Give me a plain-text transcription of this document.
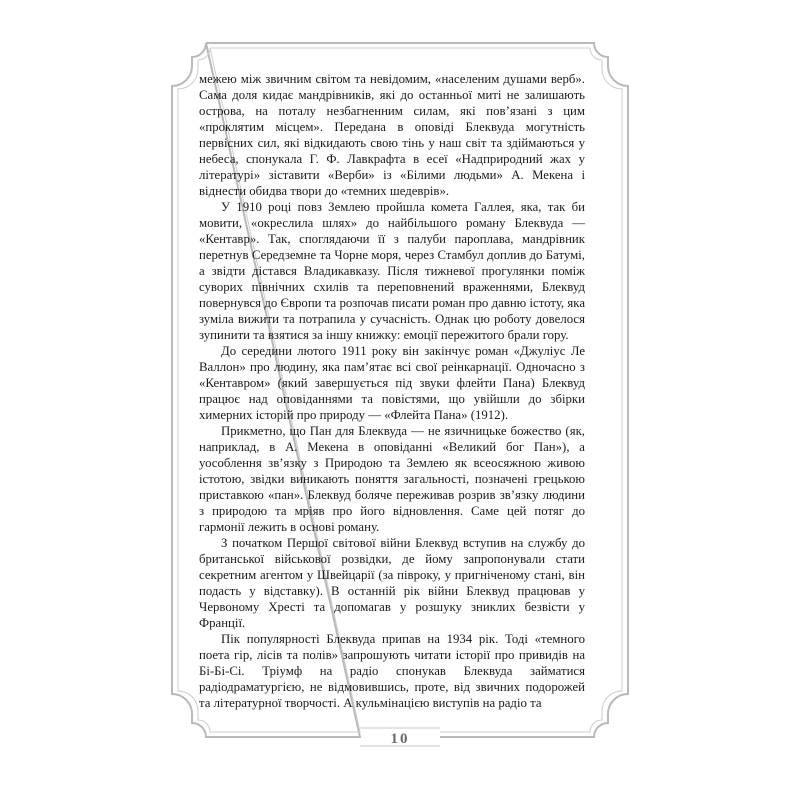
межею між звичним світом та невідомим, «населеним душами верб». Сама доля кидає мандрівників, які до останньої миті не залишають острова, на поталу незбагненним силам, які пов’язані з цим «проклятим місцем». Передана в оповіді Блеквуда могутність первісних сил, які відкидають свою тінь у наш світ та здіймаються у небеса, спонукала Г. Ф. Лавкрафта в есеї «Надприродний жах у літературі» зіставити «Верби» із «Білими людьми» А. Мекена і віднести обидва твори до «темних шедеврів».

У 1910 році повз Землею пройшла комета Галлея, яка, так би мовити, «окреслила шлях» до найбільшого роману Блеквуда — «Кентавр». Так, споглядаючи її з палуби пароплава, мандрівник перетнув Середземне та Чорне моря, через Стамбул доплив до Батумі, а звідти дістався Владикавказу. Після тижневої прогулянки поміж суворих північних схилів та переповнений враженнями, Блеквуд повернувся до Європи та розпочав писати роман про давню істоту, яка зуміла вижити та потрапила у сучасність. Однак цю роботу довелося зупинити та взятися за іншу книжку: емоції пережитого брали гору.

До середини лютого 1911 року він закінчує роман «Джуліус Ле Валлон» про людину, яка пам’ятає всі свої реінкарнації. Одночасно з «Кентавром» (який завершується під звуки флейти Пана) Блеквуд працює над оповіданнями та повістями, що увійшли до збірки химерних історій про природу — «Флейта Пана» (1912).

Прикметно, що Пан для Блеквуда — не язичницьке божество (як, наприклад, в А. Мекена в оповіданні «Великий бог Пан»), а уособлення зв’язку з Природою та Землею як всеосяжною живою істотою, звідки виникають поняття загальності, позначені грецькою приставкою «пан». Блеквуд боляче переживав розрив зв’язку людини з природою та мріяв про його відновлення. Саме цей потяг до гармонії лежить в основі роману.

З початком Першої світової війни Блеквуд вступив на службу до британської військової розвідки, де йому запропонували стати секретним агентом у Швейцарії (за півроку, у пригніченому стані, він подасть у відставку). В останній рік війни Блеквуд працював у Червоному Хресті та допомагав у розшуку зниклих безвісти у Франції.

Пік популярності Блеквуда припав на 1934 рік. Тоді «темного поета гір, лісів та полів» запрошують читати історії про привидів на Бі-Бі-Сі. Тріумф на радіо спонукав Блеквуда займатися радіодраматургією, не відмовившись, проте, від звичних подорожей та літературної творчості. А кульмінацією виступів на радіо та

10
